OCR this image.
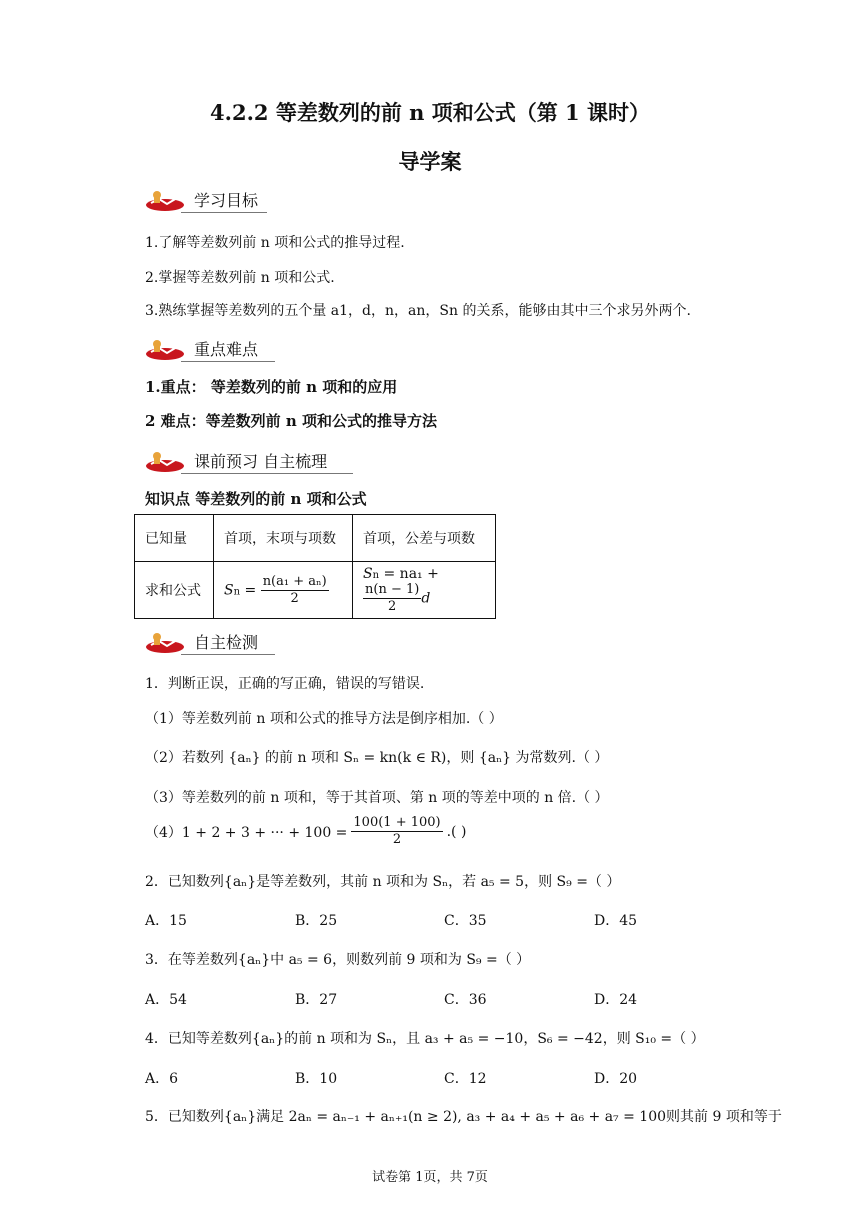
4.2.2 等差数列的前 n 项和公式（第 1 课时）
导学案
学习目标
1.了解等差数列前 n 项和公式的推导过程.
2.掌握等差数列前 n 项和公式.
3.熟练掌握等差数列的五个量 a1，d，n，an，Sn 的关系，能够由其中三个求另外两个.
重点难点
1.重点： 等差数列的前 n 项和的应用
2 难点：等差数列前 n 项和公式的推导方法
课前预习 自主梳理
知识点 等差数列的前 n 项和公式
已知量	首项，末项与项数	首项，公差与项数
求和公式	$Sn = \frac{\text{n(a₁ + aₙ)}}{2}$	Sn = na₁ +
$\frac{n(n - 1)}{2}$ d
自主检测
1．判断正误，正确的写正确，错误的写错误.
（1）等差数列前 n 项和公式的推导方法是倒序相加.（ ）
（2）若数列 {aₙ} 的前 n 项和 Sₙ = kn(k ∈ R)，则 {aₙ} 为常数列.（ ）
（3）等差数列的前 n 项和，等于其首项、第 n 项的等差中项的 n 倍.（ ）
（4）1 + 2 + 3 + ··· + $100 = \frac{100(1 + 100)}{2}$ .( )
2．已知数列{aₙ}是等差数列，其前 n 项和为 Sₙ，若 a₅ = 5，则 S₉ =（ ）
A．15	B．25	C．35	D．45
3．在等差数列{aₙ}中 a₅ = 6，则数列前 9 项和为 S₉ =（ ）
A．54	B．27	C．36	D．24
4．已知等差数列{aₙ}的前 n 项和为 Sₙ，且 a₃ + a₅ = −10，S₆ = −42，则 S₁₀ =（ ）
A．6	B．10	C．12	D．20
5．已知数列{aₙ}满足 2aₙ = aₙ₋₁ + aₙ₊₁(n ≥ 2), a₃ + a₄ + a₅ + a₆ + a₇ = 100则其前 9 项和等于
试卷第 1页，共 7页
